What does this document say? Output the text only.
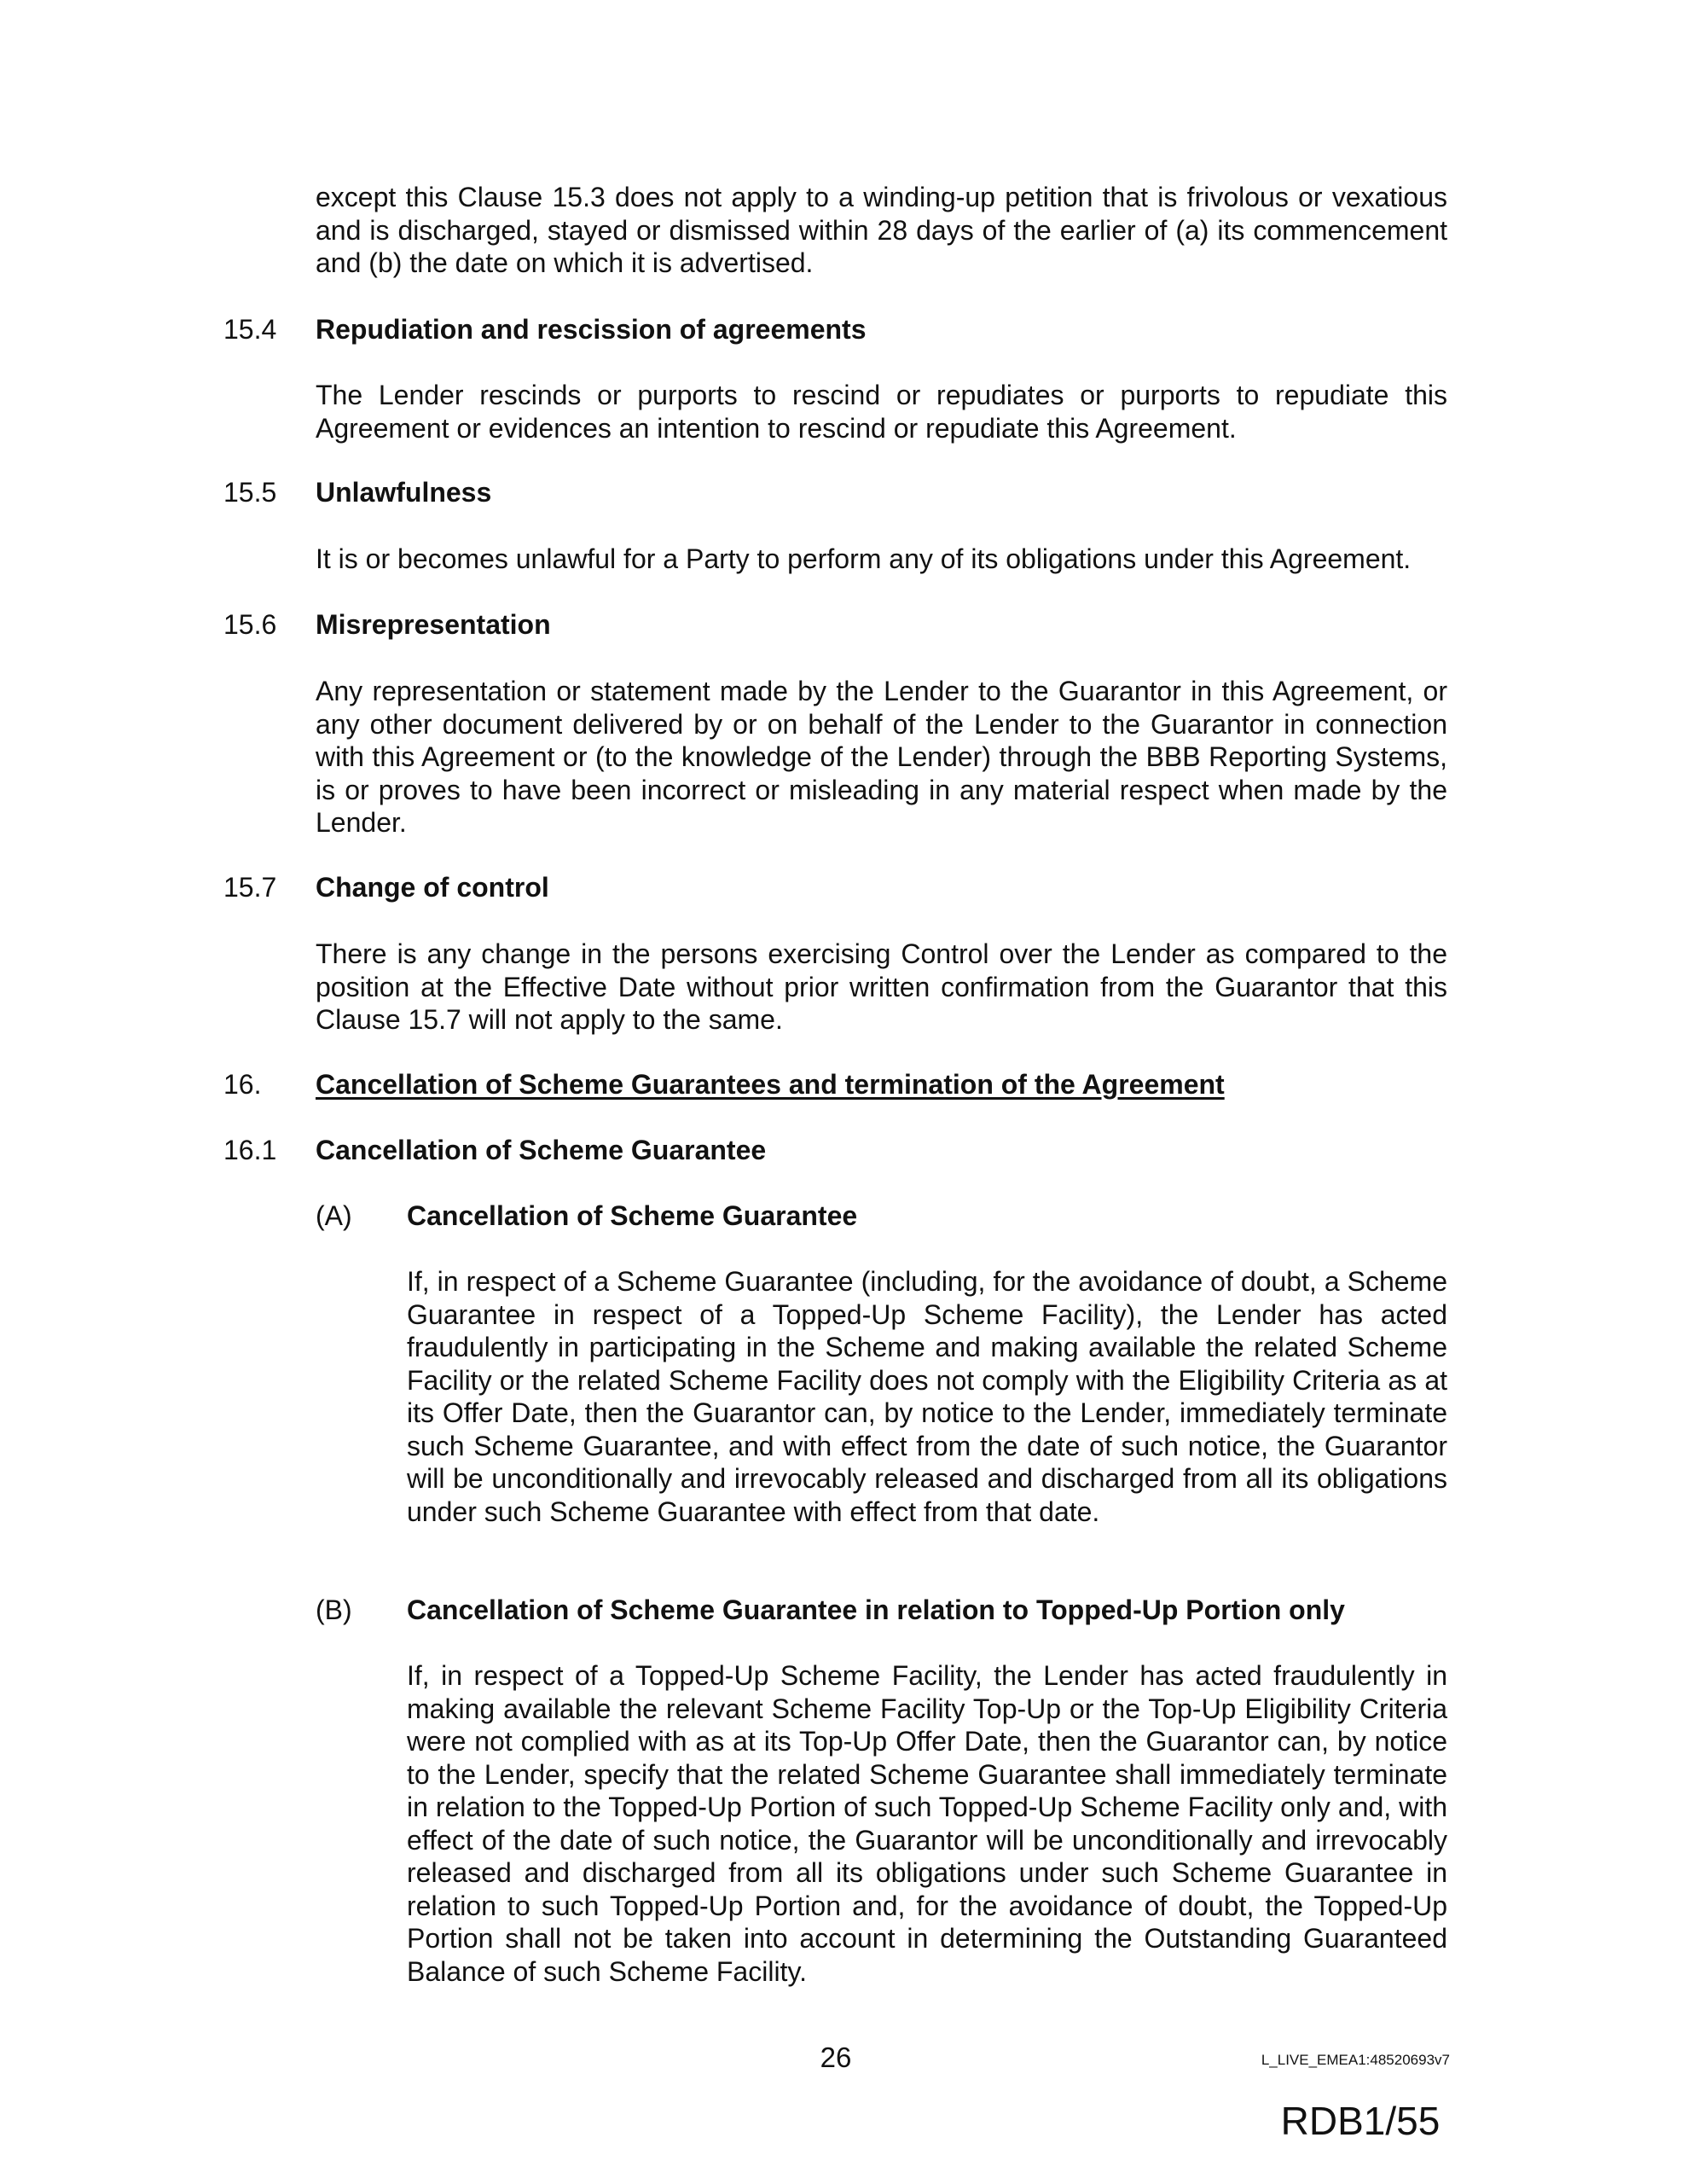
except this Clause 15.3 does not apply to a winding-up petition that is frivolous or vexatious and is discharged, stayed or dismissed within 28 days of the earlier of (a) its commencement and (b) the date on which it is advertised.
15.4 Repudiation and rescission of agreements
The Lender rescinds or purports to rescind or repudiates or purports to repudiate this Agreement or evidences an intention to rescind or repudiate this Agreement.
15.5 Unlawfulness
It is or becomes unlawful for a Party to perform any of its obligations under this Agreement.
15.6 Misrepresentation
Any representation or statement made by the Lender to the Guarantor in this Agreement, or any other document delivered by or on behalf of the Lender to the Guarantor in connection with this Agreement or (to the knowledge of the Lender) through the BBB Reporting Systems, is or proves to have been incorrect or misleading in any material respect when made by the Lender.
15.7 Change of control
There is any change in the persons exercising Control over the Lender as compared to the position at the Effective Date without prior written confirmation from the Guarantor that this Clause 15.7 will not apply to the same.
16. Cancellation of Scheme Guarantees and termination of the Agreement
16.1 Cancellation of Scheme Guarantee
(A) Cancellation of Scheme Guarantee
If, in respect of a Scheme Guarantee (including, for the avoidance of doubt, a Scheme Guarantee in respect of a Topped-Up Scheme Facility), the Lender has acted fraudulently in participating in the Scheme and making available the related Scheme Facility or the related Scheme Facility does not comply with the Eligibility Criteria as at its Offer Date, then the Guarantor can, by notice to the Lender, immediately terminate such Scheme Guarantee, and with effect from the date of such notice, the Guarantor will be unconditionally and irrevocably released and discharged from all its obligations under such Scheme Guarantee with effect from that date.
(B) Cancellation of Scheme Guarantee in relation to Topped-Up Portion only
If, in respect of a Topped-Up Scheme Facility, the Lender has acted fraudulently in making available the relevant Scheme Facility Top-Up or the Top-Up Eligibility Criteria were not complied with as at its Top-Up Offer Date, then the Guarantor can, by notice to the Lender, specify that the related Scheme Guarantee shall immediately terminate in relation to the Topped-Up Portion of such Topped-Up Scheme Facility only and, with effect of the date of such notice, the Guarantor will be unconditionally and irrevocably released and discharged from all its obligations under such Scheme Guarantee in relation to such Topped-Up Portion and, for the avoidance of doubt, the Topped-Up Portion shall not be taken into account in determining the Outstanding Guaranteed Balance of such Scheme Facility.
26	L_LIVE_EMEA1:48520693v7
RDB1/55
